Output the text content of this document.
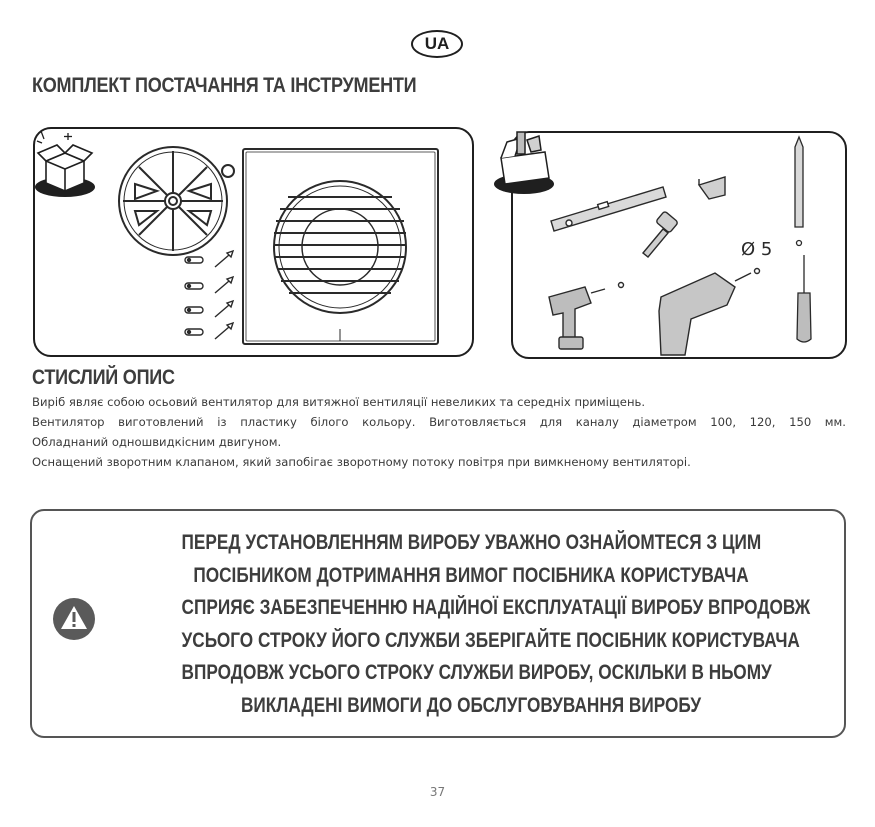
UA
КОМПЛЕКТ ПОСТАЧАННЯ ТА ІНСТРУМЕНТИ
Ø 5
СТИСЛИЙ ОПИС
Виріб являє собою осьовий вентилятор для витяжної вентиляції невеликих та середніх приміщень.
Вентилятор виготовлений із пластику білого кольору. Виготовляється для каналу діаметром 100, 120, 150 мм.
Обладнаний одношвидкісним двигуном.
Оснащений зворотним клапаном, який запобігає зворотному потоку повітря при вимкненому вентиляторі.
ПЕРЕД УСТАНОВЛЕННЯМ ВИРОБУ УВАЖНО ОЗНАЙОМТЕСЯ З ЦИМ
ПОСІБНИКОМ ДОТРИМАННЯ ВИМОГ ПОСІБНИКА КОРИСТУВАЧА
СПРИЯЄ ЗАБЕЗПЕЧЕННЮ НАДІЙНОЇ ЕКСПЛУАТАЦІЇ ВИРОБУ ВПРОДОВЖ
УСЬОГО СТРОКУ ЙОГО СЛУЖБИ ЗБЕРІГАЙТЕ ПОСІБНИК КОРИСТУВАЧА
ВПРОДОВЖ УСЬОГО СТРОКУ СЛУЖБИ ВИРОБУ, ОСКІЛЬКИ В НЬОМУ
ВИКЛАДЕНІ ВИМОГИ ДО ОБСЛУГОВУВАННЯ ВИРОБУ
37
